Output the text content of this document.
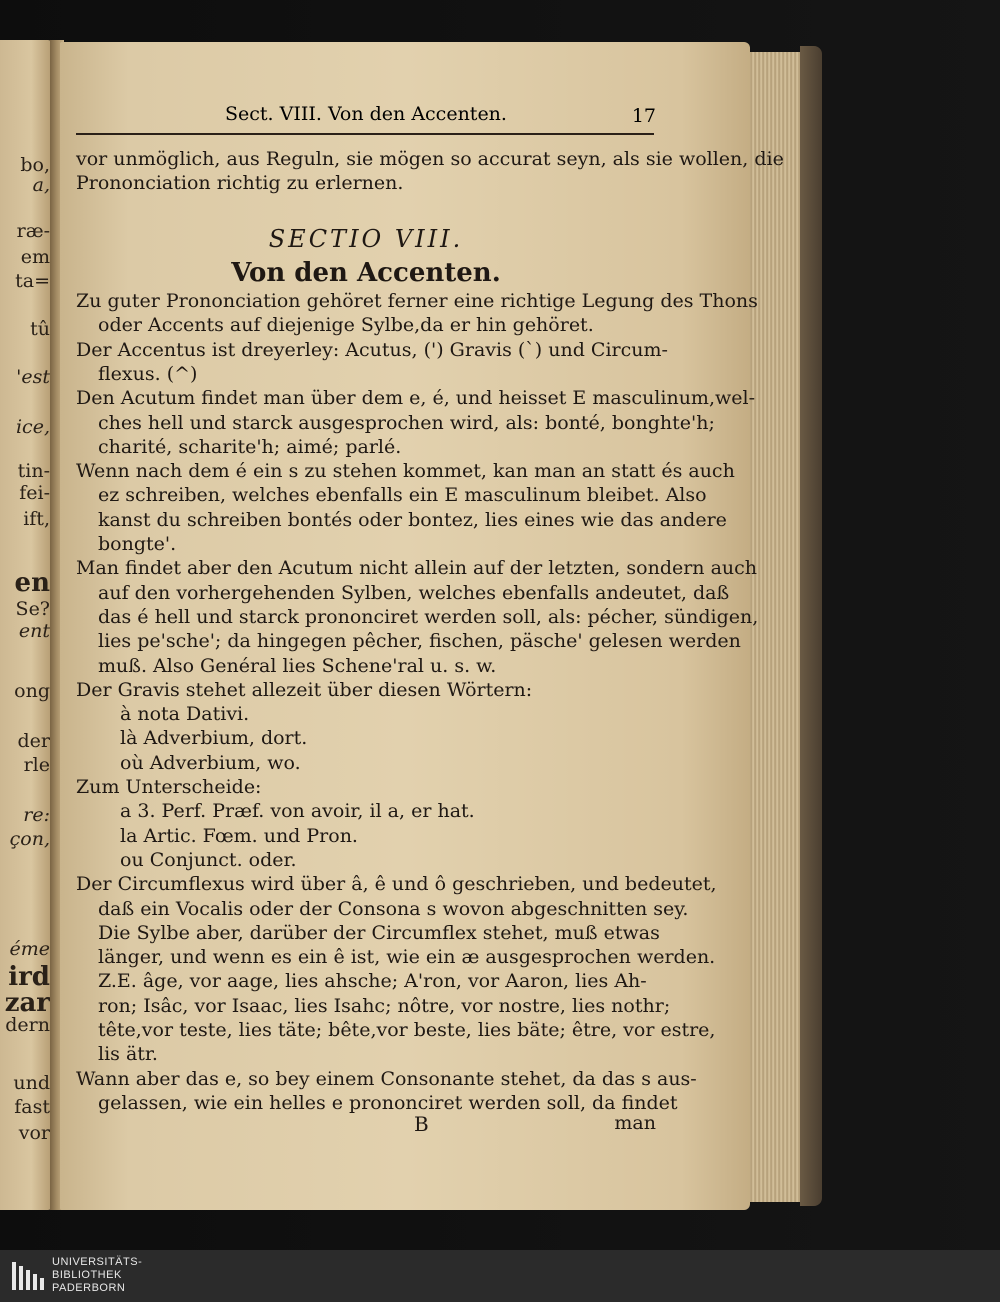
bo,
a,
ræ-
em
ta=
tû
'est
ice,
tin-
fei-
ift,
en
Se?
ent
ong
der
rle
re:
çon,
éme
ird
zar
dern
und
fast
vor
Sect. VIII. Von den Accenten.	17
vor unmöglich, aus Reguln, sie mögen so accurat seyn, als sie wollen, die
Prononciation richtig zu erlernen.
SECTIO VIII.
Von den Accenten.
Zu guter Prononciation gehöret ferner eine richtige Legung des Thons
oder Accents auf diejenige Sylbe,da er hin gehöret.
Der Accentus ist dreyerley: Acutus, (') Gravis (`) und Circum-
flexus. (^)
Den Acutum findet man über dem e, é, und heisset E masculinum,wel-
ches hell und starck ausgesprochen wird, als: bonté, bonghte'h;
charité, scharite'h; aimé; parlé.
Wenn nach dem é ein s zu stehen kommet, kan man an statt és auch
ez schreiben, welches ebenfalls ein E masculinum bleibet. Also
kanst du schreiben bontés oder bontez, lies eines wie das andere
bongte'.
Man findet aber den Acutum nicht allein auf der letzten, sondern auch
auf den vorhergehenden Sylben, welches ebenfalls andeutet, daß
das é hell und starck prononciret werden soll, als: pécher, sündigen,
lies pe'sche'; da hingegen pêcher, fischen, päsche' gelesen werden
muß. Also Genéral lies Schene'ral u. s. w.
Der Gravis stehet allezeit über diesen Wörtern:
à nota Dativi.
là Adverbium, dort.
où Adverbium, wo.
Zum Unterscheide:
a 3. Perf. Præf. von avoir, il a, er hat.
la Artic. Fœm. und Pron.
ou Conjunct. oder.
Der Circumflexus wird über â, ê und ô geschrieben, und bedeutet,
daß ein Vocalis oder der Consona s wovon abgeschnitten sey.
Die Sylbe aber, darüber der Circumflex stehet, muß etwas
länger, und wenn es ein ê ist, wie ein æ ausgesprochen werden.
Z.E. âge, vor aage, lies ahsche; A'ron, vor Aaron, lies Ah-
ron; Isâc, vor Isaac, lies Isahc; nôtre, vor nostre, lies nothr;
tête,vor teste, lies täte; bête,vor beste, lies bäte; être, vor estre,
lis ätr.
Wann aber das e, so bey einem Consonante stehet, da das s aus-
gelassen, wie ein helles e prononciret werden soll, da findet
B	man
UNIVERSITÄTS-
BIBLIOTHEK
PADERBORN
